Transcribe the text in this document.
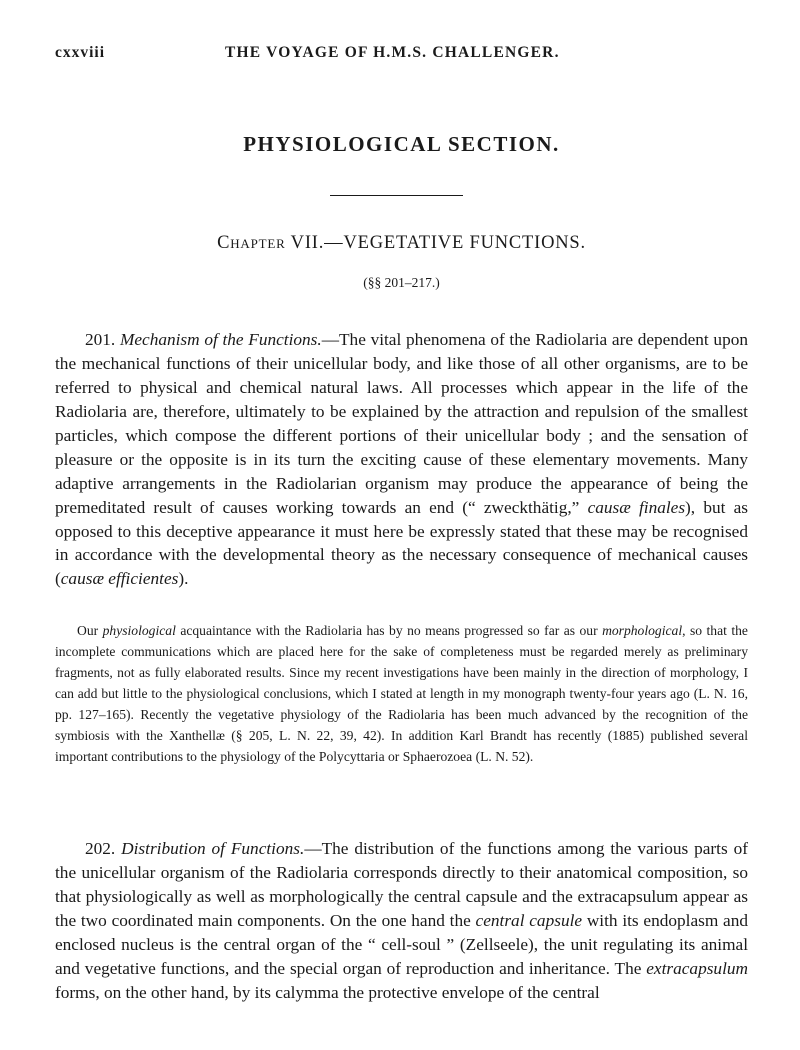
cxxviii	THE VOYAGE OF H.M.S. CHALLENGER.
PHYSIOLOGICAL SECTION.
Chapter VII.—VEGETATIVE FUNCTIONS.
(§§ 201–217.)

201. Mechanism of the Functions.—The vital phenomena of the Radiolaria are dependent upon the mechanical functions of their unicellular body, and like those of all other organisms, are to be referred to physical and chemical natural laws. All processes which appear in the life of the Radiolaria are, therefore, ultimately to be explained by the attraction and repulsion of the smallest particles, which compose the different portions of their unicellular body ; and the sensation of pleasure or the opposite is in its turn the exciting cause of these elementary movements. Many adaptive arrangements in the Radiolarian organism may produce the appearance of being the premeditated result of causes working towards an end (“ zweckthätig,” causæ finales), but as opposed to this deceptive appearance it must here be expressly stated that these may be recognised in accordance with the developmental theory as the necessary consequence of mechanical causes (causæ efficientes).

Our physiological acquaintance with the Radiolaria has by no means progressed so far as our morphological, so that the incomplete communications which are placed here for the sake of completeness must be regarded merely as preliminary fragments, not as fully elaborated results. Since my recent investigations have been mainly in the direction of morphology, I can add but little to the physiological conclusions, which I stated at length in my monograph twenty-four years ago (L. N. 16, pp. 127–165). Recently the vegetative physiology of the Radiolaria has been much advanced by the recognition of the symbiosis with the Xanthellæ (§ 205, L. N. 22, 39, 42). In addition Karl Brandt has recently (1885) published several important contributions to the physiology of the Polycyttaria or Sphaerozoea (L. N. 52).

202. Distribution of Functions.—The distribution of the functions among the various parts of the unicellular organism of the Radiolaria corresponds directly to their anatomical composition, so that physiologically as well as morphologically the central capsule and the extracapsulum appear as the two coordinated main components. On the one hand the central capsule with its endoplasm and enclosed nucleus is the central organ of the “ cell-soul ” (Zellseele), the unit regulating its animal and vegetative functions, and the special organ of reproduction and inheritance. The extracapsulum forms, on the other hand, by its calymma the protective envelope of the central
